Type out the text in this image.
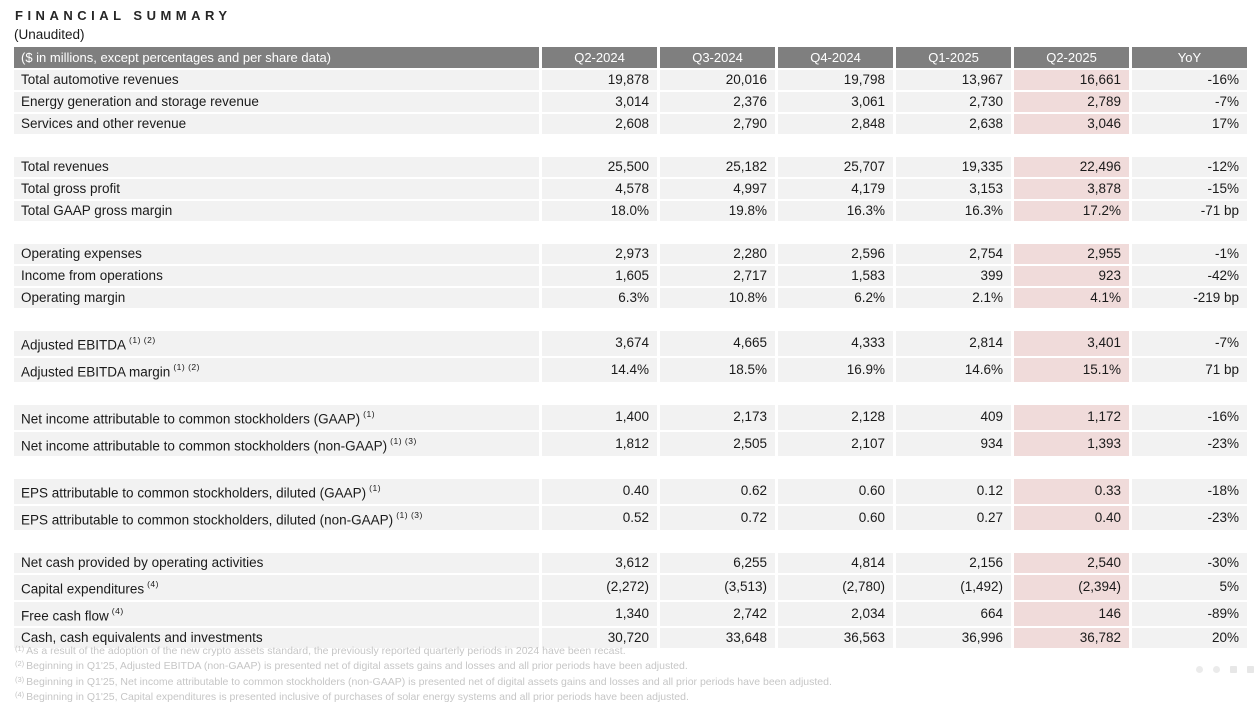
FINANCIAL SUMMARY
(Unaudited)
($ in millions, except percentages and per share data)	Q2-2024	Q3-2024	Q4-2024	Q1-2025	Q2-2025	YoY
Total automotive revenues	19,878	20,016	19,798	13,967	16,661	-16%
Energy generation and storage revenue	3,014	2,376	3,061	2,730	2,789	-7%
Services and other revenue	2,608	2,790	2,848	2,638	3,046	17%

Total revenues	25,500	25,182	25,707	19,335	22,496	-12%
Total gross profit	4,578	4,997	4,179	3,153	3,878	-15%
Total GAAP gross margin	18.0%	19.8%	16.3%	16.3%	17.2%	-71 bp

Operating expenses	2,973	2,280	2,596	2,754	2,955	-1%
Income from operations	1,605	2,717	1,583	399	923	-42%
Operating margin	6.3%	10.8%	6.2%	2.1%	4.1%	-219 bp

Adjusted EBITDA $^{(1) (2)}$	3,674	4,665	4,333	2,814	3,401	-7%
Adjusted EBITDA margin $^{(1) (2)}$	14.4%	18.5%	16.9%	14.6%	15.1%	71 bp

Net income attributable to common stockholders (GAAP) $^{(1)}$	1,400	2,173	2,128	409	1,172	-16%
Net income attributable to common stockholders (non-GAAP) $^{(1) (3)}$	1,812	2,505	2,107	934	1,393	-23%

EPS attributable to common stockholders, diluted (GAAP) $^{(1)}$	0.40	0.62	0.60	0.12	0.33	-18%
EPS attributable to common stockholders, diluted (non-GAAP) $^{(1) (3)}$	0.52	0.72	0.60	0.27	0.40	-23%

Net cash provided by operating activities	3,612	6,255	4,814	2,156	2,540	-30%
Capital expenditures $^{(4)}$	(2,272)	(3,513)	(2,780)	(1,492)	(2,394)	5%
Free cash flow $^{(4)}$	1,340	2,742	2,034	664	146	-89%
Cash, cash equivalents and investments	30,720	33,648	36,563	36,996	36,782	20%
$^{(1)}$ As a result of the adoption of the new crypto assets standard, the previously reported quarterly periods in 2024 have been recast.
$^{(2)}$ Beginning in Q1'25, Adjusted EBITDA (non-GAAP) is presented net of digital assets gains and losses and all prior periods have been adjusted.
$^{(3)}$ Beginning in Q1'25, Net income attributable to common stockholders (non-GAAP) is presented net of digital assets gains and losses and all prior periods have been adjusted.
$^{(4)}$ Beginning in Q1'25, Capital expenditures is presented inclusive of purchases of solar energy systems and all prior periods have been adjusted.
